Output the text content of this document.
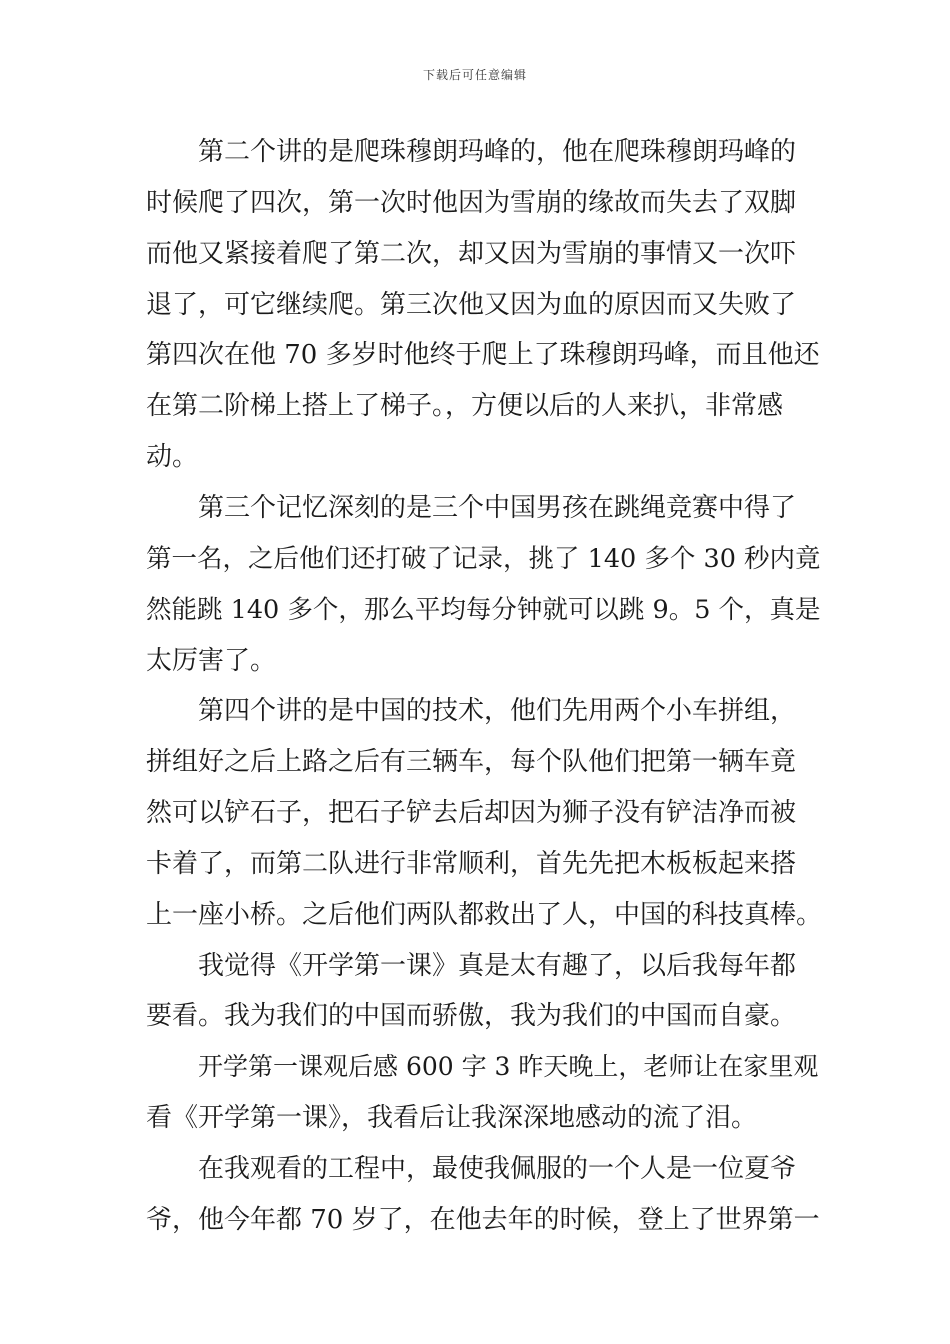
下载后可任意编辑
第二个讲的是爬珠穆朗玛峰的，他在爬珠穆朗玛峰的
时候爬了四次，第一次时他因为雪崩的缘故而失去了双脚
而他又紧接着爬了第二次，却又因为雪崩的事情又一次吓
退了，可它继续爬。第三次他又因为血的原因而又失败了
第四次在他 70 多岁时他终于爬上了珠穆朗玛峰，而且他还
在第二阶梯上搭上了梯子。，方便以后的人来扒，非常感
动。
第三个记忆深刻的是三个中国男孩在跳绳竞赛中得了
第一名，之后他们还打破了记录，挑了 140 多个 30 秒内竟
然能跳 140 多个，那么平均每分钟就可以跳 9。5 个，真是
太厉害了。
第四个讲的是中国的技术，他们先用两个小车拼组，
拼组好之后上路之后有三辆车，每个队他们把第一辆车竟
然可以铲石子，把石子铲去后却因为狮子没有铲洁净而被
卡着了，而第二队进行非常顺利，首先先把木板板起来搭
上一座小桥。之后他们两队都救出了人，中国的科技真棒。
我觉得《开学第一课》真是太有趣了，以后我每年都
要看。我为我们的中国而骄傲，我为我们的中国而自豪。
开学第一课观后感 600 字 3 昨天晚上，老师让在家里观
看《开学第一课》，我看后让我深深地感动的流了泪。
在我观看的工程中，最使我佩服的一个人是一位夏爷
爷，他今年都 70 岁了，在他去年的时候，登上了世界第一
